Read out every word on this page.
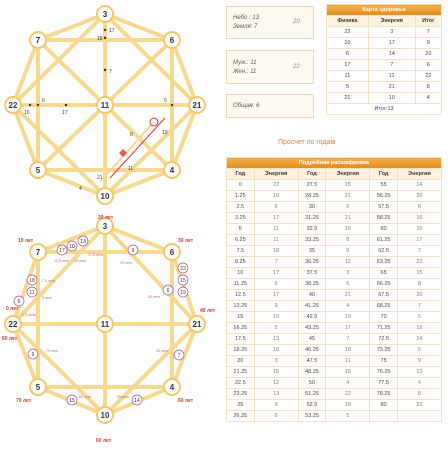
3
7	6
22	11	21
5	4
10
17
18
7
6
10	17
5
8	13
11
21
4
3
7	6
22	11	21
5	4
10
20 лет
10 лет	30 лет
0 лет	40 лет
60 лет
50 лет
70 лет
60 лет
17
10
13
9
18
11
6
9
15	14
23
15
6 19
7
12,5 лет 15 лет
17,5 лет
25 лет
2,5 года
5 лет
7,5 лет
35 лет
45 лет
65 лет	55 лет
75 лет
Небо : 13
Земля: 7
20
Муж.: 11
Жен.: 11
22
Общая: 6
Карта здоровья		
Физика	Энергия	Итог
22	3	7
10	17	9
6	14	20
17	7	6
11	11	22
5	21	8
21	10	4
Итог:13		
Просчет по годам
Подробная расшифровка					
Год	Энергия	Год	Энергия	Год	Энергия
0	22	27.5	15	55	14
1.25	10	28.25	21	56.25	20
2.5	6	30	6	57.5	6
3.25	17	31.25	21	58.25	16
5	11	32.5	15	60	10
6.25	11	33.25	8	61.25	17
7.5	18	35	9	62.5	7
8.25	7	36.25	12	63.25	22
10	17	37.5	3	65	15
11.25	6	38.25	6	66.25	8
12.5	17	40	21	67.5	20
13.25	9	41.25	4	68.25	7
15	10	42.5	10	70	5
16.25	5	43.25	17	71.25	19
17.5	13	45	7	72.5	14
18.25	16	46.25	18	73.25	5
20	3	47.5	11	75	9
21.25	15	48.25	15	76.25	13
22.5	12	50	4	77.5	4
23.25	13	51.25	22	78.25	8
25	9	52.5	18	80	22
26.25	6	53.25	5		
